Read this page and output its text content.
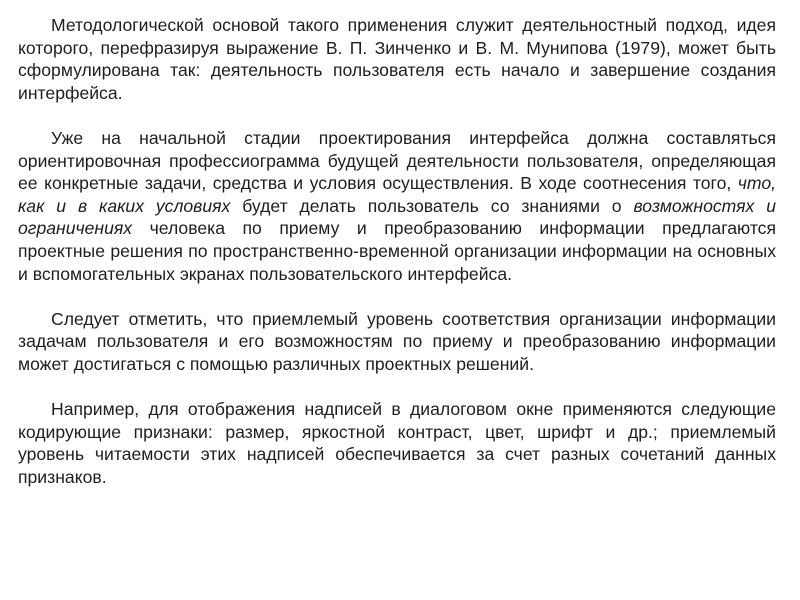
Методологической основой такого применения служит деятельностный подход, идея которого, перефразируя выражение В. П. Зинченко и В. М. Мунипова (1979), может быть сформулирована так: деятельность пользователя есть начало и завершение создания интерфейса.

Уже на начальной стадии проектирования интерфейса должна составляться ориентировочная профессиограмма будущей деятельности пользователя, определяющая ее конкретные задачи, средства и условия осуществления. В ходе соотнесения того, что, как и в каких условиях будет делать пользователь со знаниями о возможностях и ограничениях человека по приему и преобразованию информации предлагаются проектные решения по пространственно-временной организации информации на основных и вспомогательных экранах пользовательского интерфейса.

Следует отметить, что приемлемый уровень соответствия организации информации задачам пользователя и его возможностям по приему и преобразованию информации может достигаться с помощью различных проектных решений.

Например, для отображения надписей в диалоговом окне применяются следующие кодирующие признаки: размер, яркостной контраст, цвет, шрифт и др.; приемлемый уровень читаемости этих надписей обеспечивается за счет разных сочетаний данных признаков.
